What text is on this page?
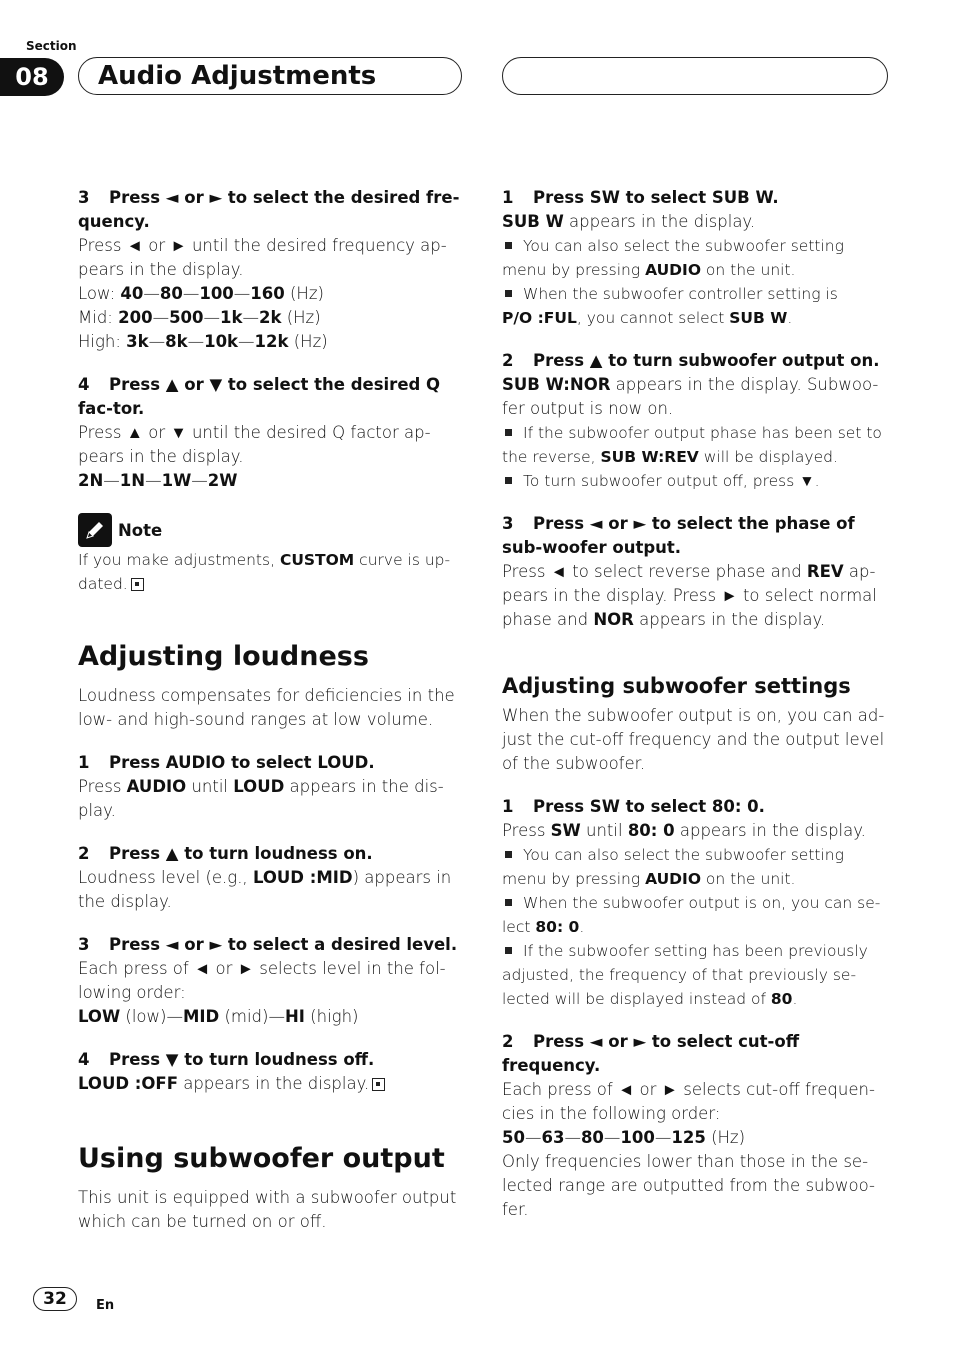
Section
08	Audio Adjustments

3 Press ◄ or ► to select the desired fre-quency.

Press ◄ or ► until the desired frequency ap-
pears in the display.

Low: 40—80—100—160 (Hz)

Mid: 200—500—1k—2k (Hz)

High: 3k—8k—10k—12k (Hz)

4 Press ▲ or ▼ to select the desired Q fac-tor.

Press ▲ or ▼ until the desired Q factor ap-
pears in the display.

2N—1N—1W—2W

Note

If you make adjustments, CUSTOM curve is up-
dated.

Adjusting loudness

Loudness compensates for deficiencies in the
low- and high-sound ranges at low volume.

1 Press AUDIO to select LOUD.

Press AUDIO until LOUD appears in the dis-
play.

2 Press ▲ to turn loudness on.

Loudness level (e.g., LOUD :MID) appears in
the display.

3 Press ◄ or ► to select a desired level.

Each press of ◄ or ► selects level in the fol-
lowing order:

LOW (low)—MID (mid)—HI (high)

4 Press ▼ to turn loudness off.

LOUD :OFF appears in the display.

Using subwoofer output

This unit is equipped with a subwoofer output
which can be turned on or off.

1 Press SW to select SUB W.

SUB W appears in the display.

You can also select the subwoofer setting
menu by pressing AUDIO on the unit.

When the subwoofer controller setting is
P/O :FUL, you cannot select SUB W.

2 Press ▲ to turn subwoofer output on.

SUB W:NOR appears in the display. Subwoo-
fer output is now on.

If the subwoofer output phase has been set to
the reverse, SUB W:REV will be displayed.

To turn subwoofer output off, press ▼.

3 Press ◄ or ► to select the phase of sub-woofer output.

Press ◄ to select reverse phase and REV ap-
pears in the display. Press ► to select normal
phase and NOR appears in the display.

Adjusting subwoofer settings

When the subwoofer output is on, you can ad-
just the cut-off frequency and the output level
of the subwoofer.

1 Press SW to select 80: 0.

Press SW until 80: 0 appears in the display.

You can also select the subwoofer setting
menu by pressing AUDIO on the unit.

When the subwoofer output is on, you can se-
lect 80: 0.

If the subwoofer setting has been previously
adjusted, the frequency of that previously se-
lected will be displayed instead of 80.

2 Press ◄ or ► to select cut-off frequency.

Each press of ◄ or ► selects cut-off frequen-
cies in the following order:

50—63—80—100—125 (Hz)

Only frequencies lower than those in the se-
lected range are outputted from the subwoo-
fer.

32	En
